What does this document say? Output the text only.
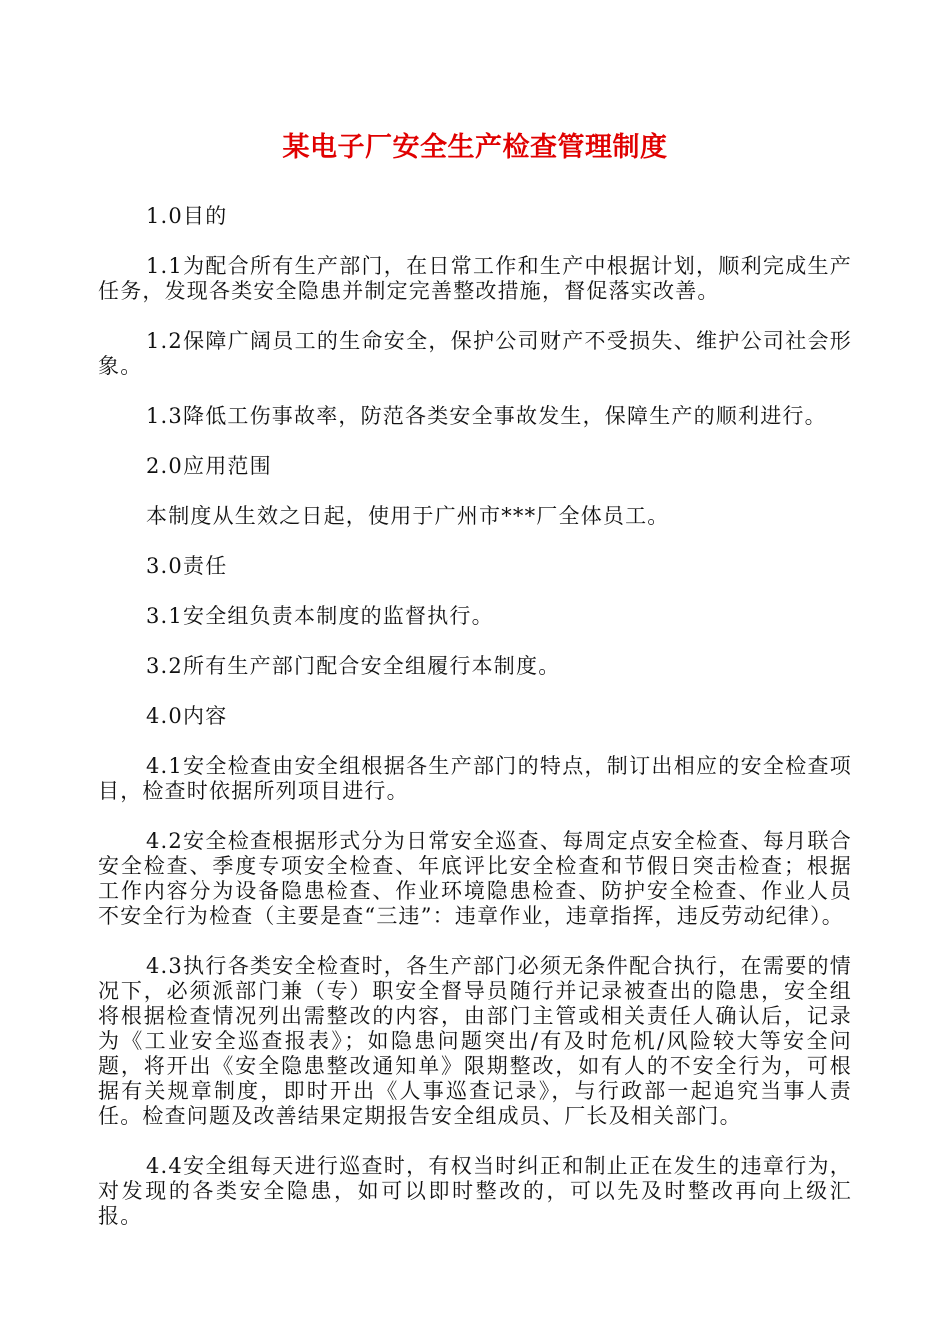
某电子厂安全生产检查管理制度

1.0目的

1.1为配合所有生产部门，在日常工作和生产中根据计划，顺利完成生产任务，发现各类安全隐患并制定完善整改措施，督促落实改善。

1.2保障广阔员工的生命安全，保护公司财产不受损失、维护公司社会形象。

1.3降低工伤事故率，防范各类安全事故发生，保障生产的顺利进行。

2.0应用范围

本制度从生效之日起，使用于广州市***厂全体员工。

3.0责任

3.1安全组负责本制度的监督执行。

3.2所有生产部门配合安全组履行本制度。

4.0内容

4.1安全检查由安全组根据各生产部门的特点，制订出相应的安全检查项目，检查时依据所列项目进行。

4.2安全检查根据形式分为日常安全巡查、每周定点安全检查、每月联合安全检查、季度专项安全检查、年底评比安全检查和节假日突击检查；根据工作内容分为设备隐患检查、作业环境隐患检查、防护安全检查、作业人员不安全行为检查（主要是查“三违”：违章作业，违章指挥，违反劳动纪律）。

4.3执行各类安全检查时，各生产部门必须无条件配合执行，在需要的情况下，必须派部门兼（专）职安全督导员随行并记录被查出的隐患，安全组将根据检查情况列出需整改的内容，由部门主管或相关责任人确认后，记录为《工业安全巡查报表》；如隐患问题突出/有及时危机/风险较大等安全问题，将开出《安全隐患整改通知单》限期整改，如有人的不安全行为，可根据有关规章制度，即时开出《人事巡查记录》，与行政部一起追究当事人责任。检查问题及改善结果定期报告安全组成员、厂长及相关部门。

4.4安全组每天进行巡查时，有权当时纠正和制止正在发生的违章行为，对发现的各类安全隐患，如可以即时整改的，可以先及时整改再向上级汇报。
